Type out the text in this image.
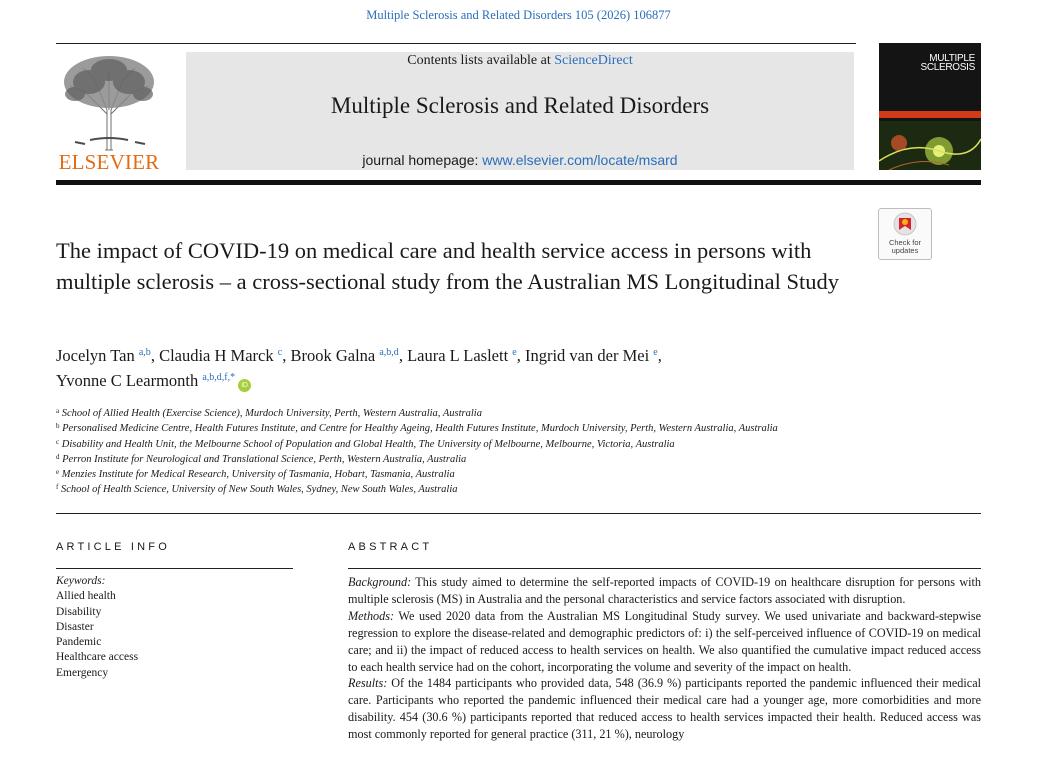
Multiple Sclerosis and Related Disorders 105 (2026) 106877
ELSEVIER
Contents lists available at ScienceDirect
Multiple Sclerosis and Related Disorders
journal homepage: www.elsevier.com/locate/msard
MULTIPLE
SCLEROSIS
Check for
updates
The impact of COVID-19 on medical care and health service access in persons with multiple sclerosis – a cross-sectional study from the Australian MS Longitudinal Study
Jocelyn Tan $^{a,b}$, Claudia H Marck $^c$, Brook Galna $^{a,b,d}$, Laura L Laslett $^e$, Ingrid van der Mei $^e$,
Yvonne C Learmonth $^{a,b,d,f,*}$iD
$^a$ School of Allied Health (Exercise Science), Murdoch University, Perth, Western Australia, Australia
$^b$ Personalised Medicine Centre, Health Futures Institute, and Centre for Healthy Ageing, Health Futures Institute, Murdoch University, Perth, Western Australia, Australia
$^c$ Disability and Health Unit, the Melbourne School of Population and Global Health, The University of Melbourne, Melbourne, Victoria, Australia
$^d$ Perron Institute for Neurological and Translational Science, Perth, Western Australia, Australia
$^e$ Menzies Institute for Medical Research, University of Tasmania, Hobart, Tasmania, Australia
$^f$ School of Health Science, University of New South Wales, Sydney, New South Wales, Australia
ARTICLE INFO
Keywords:
Allied health
Disability
Disaster
Pandemic
Healthcare access
Emergency
ABSTRACT

Background: This study aimed to determine the self-reported impacts of COVID-19 on healthcare disruption for persons with multiple sclerosis (MS) in Australia and the personal characteristics and service factors associated with disruption.

Methods: We used 2020 data from the Australian MS Longitudinal Study survey. We used univariate and backward-stepwise regression to explore the disease-related and demographic predictors of: i) the self-perceived influence of COVID-19 on medical care; and ii) the impact of reduced access to health services on health. We also quantified the cumulative impact reduced access to each health service had on the cohort, incorporating the volume and severity of the impact on health.

Results: Of the 1484 participants who provided data, 548 (36.9 %) participants reported the pandemic influenced their medical care. Participants who reported the pandemic influenced their medical care had a younger age, more comorbidities and more disability. 454 (30.6 %) participants reported that reduced access to health services impacted their health. Reduced access was most commonly reported for general practice (311, 21 %), neurology
